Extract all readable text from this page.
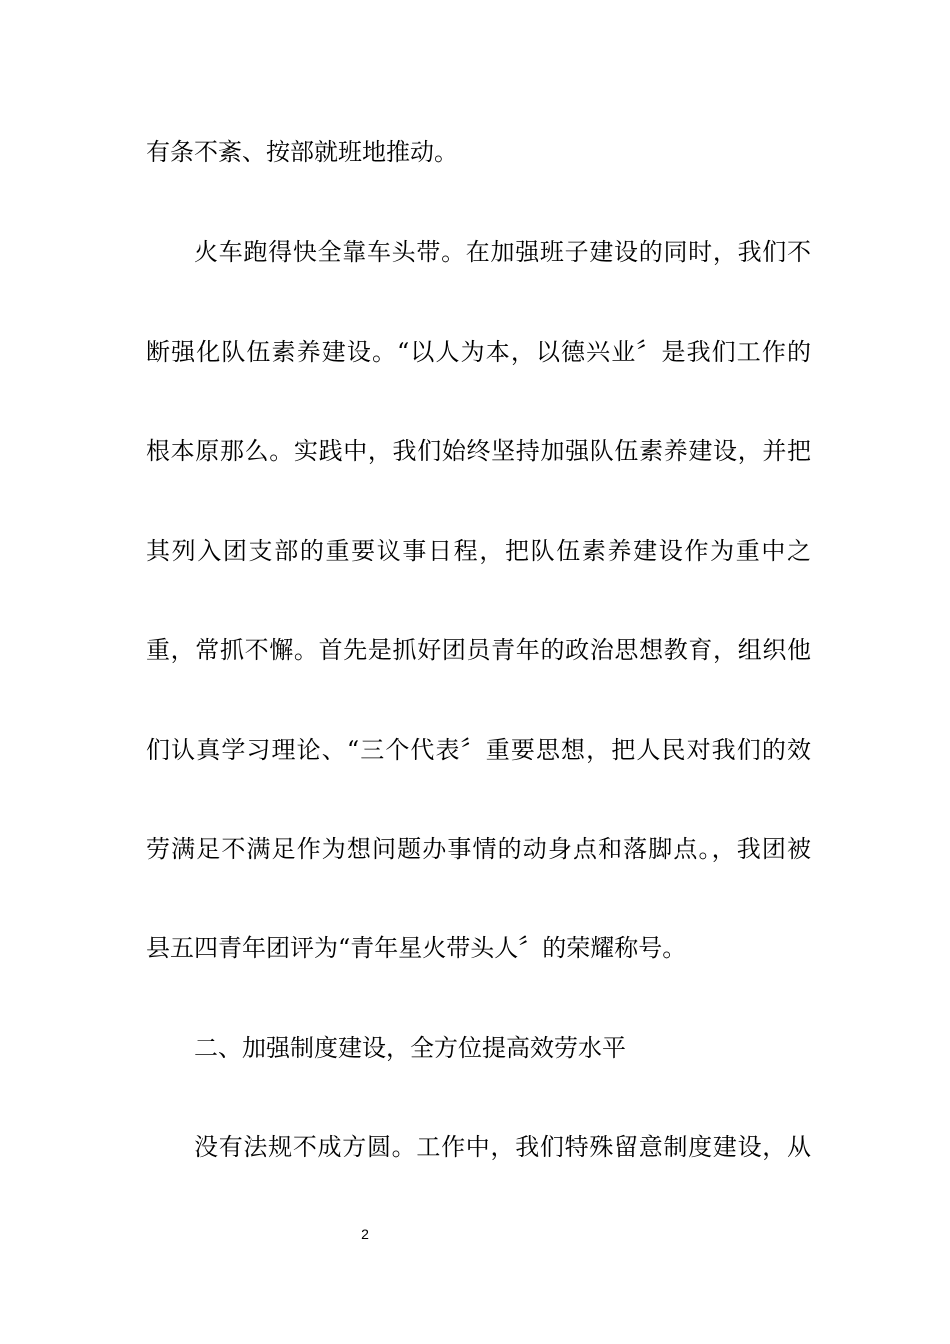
有条不紊、按部就班地推动。
火车跑得快全靠车头带。在加强班子建设的同时，我们不
断强化队伍素养建设。“以人为本，以德兴业〞是我们工作的
根本原那么。实践中，我们始终坚持加强队伍素养建设，并把
其列入团支部的重要议事日程，把队伍素养建设作为重中之
重，常抓不懈。首先是抓好团员青年的政治思想教育，组织他
们认真学习理论、“三个代表〞重要思想，把人民对我们的效
劳满足不满足作为想问题办事情的动身点和落脚点。，我团被
县五四青年团评为“青年星火带头人〞的荣耀称号。
二、加强制度建设，全方位提高效劳水平
没有法规不成方圆。工作中，我们特殊留意制度建设，从
2
